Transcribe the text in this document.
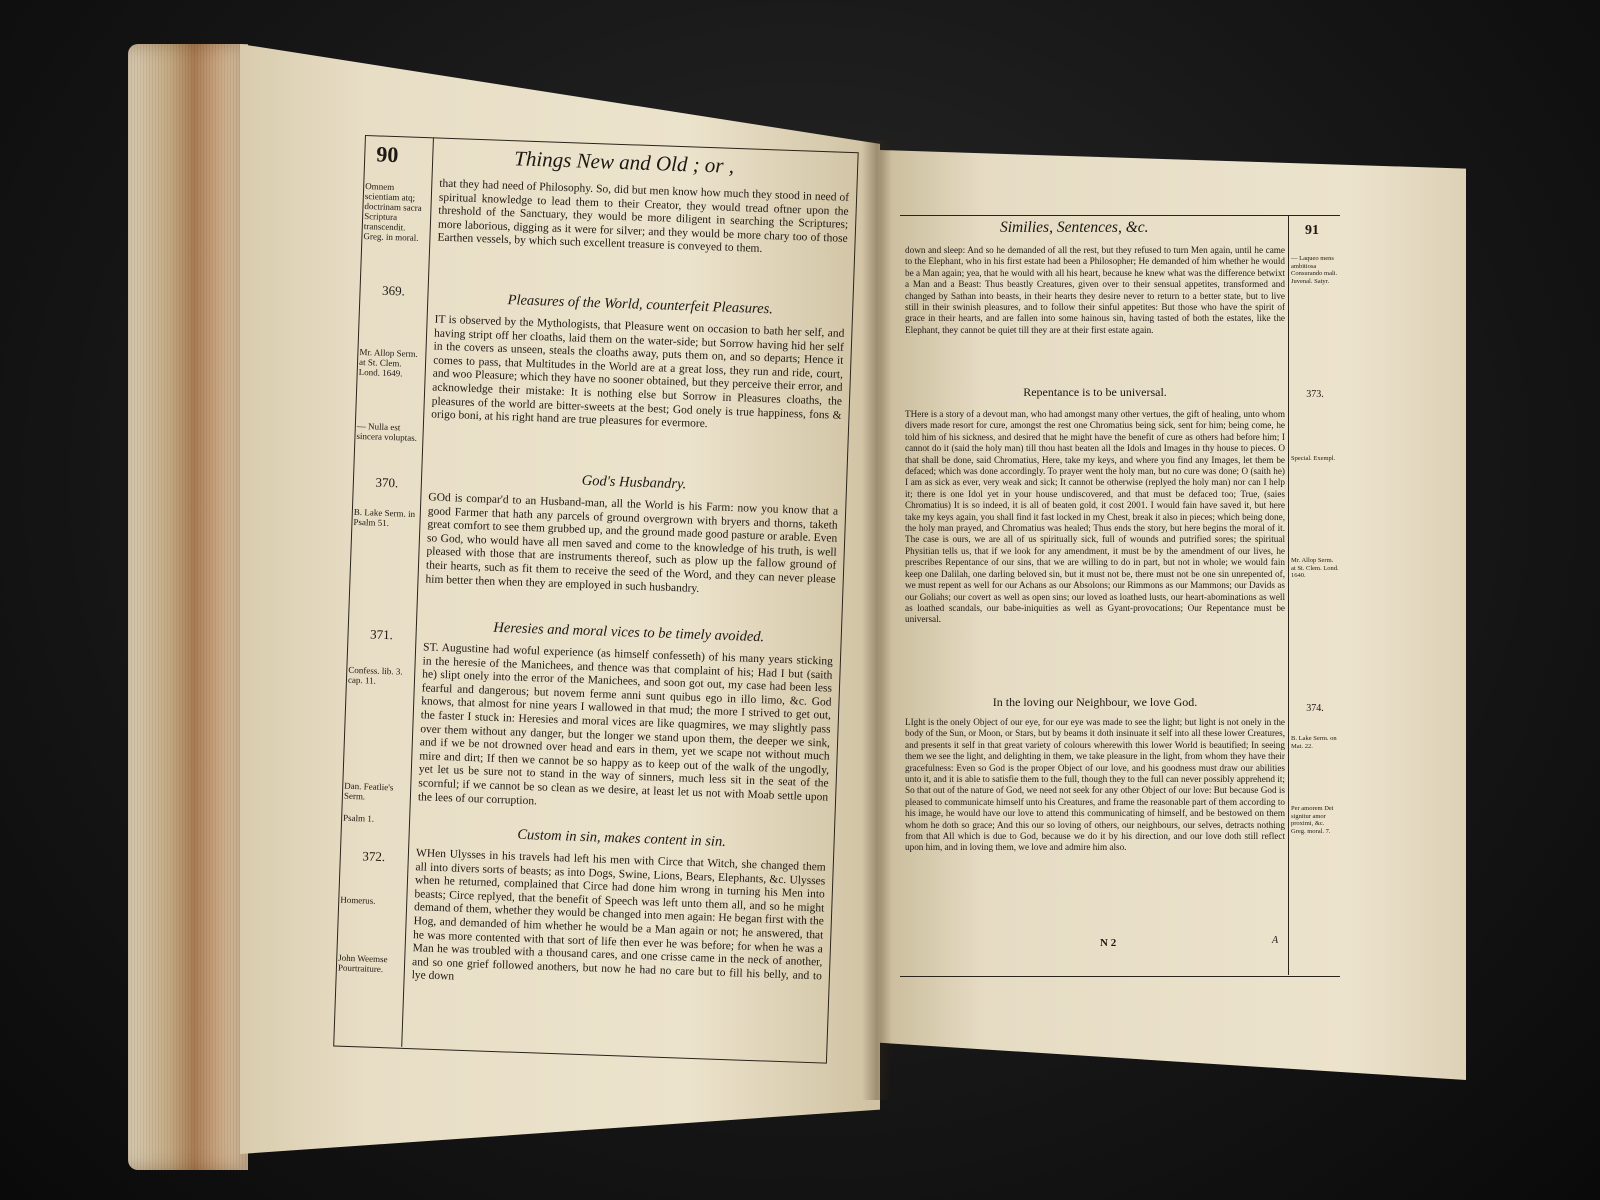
90	Things New and Old ; or ,
Omnem scientiam atq; doctrinam sacra Scriptura transcendit. Greg. in moral.
369.
Mr. Allop Serm. at St. Clem. Lond. 1649.
— Nulla est sincera voluptas.
370.
B. Lake Serm. in Psalm 51.
371.
Confess. lib. 3. cap. 11.
Dan. Featlie's Serm.
Psalm 1.
372.
Homerus.
John Weemse Pourtraiture.
that they had need of Philosophy. So, did but men know how much they stood in need of spiritual knowledge to lead them to their Creator, they would tread oftner upon the threshold of the Sanctuary, they would be more diligent in searching the Scriptures; more laborious, digging as it were for silver; and they would be more chary too of those Earthen vessels, by which such excellent treasure is conveyed to them.
Pleasures of the World, counterfeit Pleasures.
IT is observed by the Mythologists, that Pleasure went on occasion to bath her self, and having stript off her cloaths, laid them on the water-side; but Sorrow having hid her self in the covers as unseen, steals the cloaths away, puts them on, and so departs; Hence it comes to pass, that Multitudes in the World are at a great loss, they run and ride, court, and woo Pleasure; which they have no sooner obtained, but they perceive their error, and acknowledge their mistake: It is nothing else but Sorrow in Pleasures cloaths, the pleasures of the world are bitter-sweets at the best; God onely is true happiness, fons & origo boni, at his right hand are true pleasures for evermore.
God's Husbandry.
GOd is compar'd to an Husband-man, all the World is his Farm: now you know that a good Farmer that hath any parcels of ground overgrown with bryers and thorns, taketh great comfort to see them grubbed up, and the ground made good pasture or arable. Even so God, who would have all men saved and come to the knowledge of his truth, is well pleased with those that are instruments thereof, such as plow up the fallow ground of their hearts, such as fit them to receive the seed of the Word, and they can never please him better then when they are employed in such husbandry.
Heresies and moral vices to be timely avoided.
ST. Augustine had woful experience (as himself confesseth) of his many years sticking in the heresie of the Manichees, and thence was that complaint of his; Had I but (saith he) slipt onely into the error of the Manichees, and soon got out, my case had been less fearful and dangerous; but novem ferme anni sunt quibus ego in illo limo, &c. God knows, that almost for nine years I wallowed in that mud; the more I strived to get out, the faster I stuck in: Heresies and moral vices are like quagmires, we may slightly pass over them without any danger, but the longer we stand upon them, the deeper we sink, and if we be not drowned over head and ears in them, yet we scape not without much mire and dirt; If then we cannot be so happy as to keep out of the walk of the ungodly, yet let us be sure not to stand in the way of sinners, much less sit in the seat of the scornful; if we cannot be so clean as we desire, at least let us not with Moab settle upon the lees of our corruption.
Custom in sin, makes content in sin.
WHen Ulysses in his travels had left his men with Circe that Witch, she changed them all into divers sorts of beasts; as into Dogs, Swine, Lions, Bears, Elephants, &c. Ulysses when he returned, complained that Circe had done him wrong in turning his Men into beasts; Circe replyed, that the benefit of Speech was left unto them all, and so he might demand of them, whether they would be changed into men again: He began first with the Hog, and demanded of him whether he would be a Man again or not; he answered, that he was more contented with that sort of life then ever he was before; for when he was a Man he was troubled with a thousand cares, and one crisse came in the neck of another, and so one grief followed anothers, but now he had no care but to fill his belly, and to lye down
Similies, Sentences, &c.	91
down and sleep: And so he demanded of all the rest, but they refused to turn Men again, until he came to the Elephant, who in his first estate had been a Philosopher; He demanded of him whether he would be a Man again; yea, that he would with all his heart, because he knew what was the difference betwixt a Man and a Beast: Thus beastly Creatures, given over to their sensual appetites, transformed and changed by Sathan into beasts, in their hearts they desire never to return to a better state, but to live still in their swinish pleasures, and to follow their sinful appetites: But those who have the spirit of grace in their hearts, and are fallen into some hainous sin, having tasted of both the estates, like the Elephant, they cannot be quiet till they are at their first estate again.
Repentance is to be universal.
THere is a story of a devout man, who had amongst many other vertues, the gift of healing, unto whom divers made resort for cure, amongst the rest one Chromatius being sick, sent for him; being come, he told him of his sickness, and desired that he might have the benefit of cure as others had before him; I cannot do it (said the holy man) till thou hast beaten all the Idols and Images in thy house to pieces. O that shall be done, said Chromatius, Here, take my keys, and where you find any Images, let them be defaced; which was done accordingly. To prayer went the holy man, but no cure was done; O (saith he) I am as sick as ever, very weak and sick; It cannot be otherwise (replyed the holy man) nor can I help it; there is one Idol yet in your house undiscovered, and that must be defaced too; True, (saies Chromatius) It is so indeed, it is all of beaten gold, it cost 2001. I would fain have saved it, but here take my keys again, you shall find it fast locked in my Chest, break it also in pieces; which being done, the holy man prayed, and Chromatius was healed; Thus ends the story, but here begins the moral of it. The case is ours, we are all of us spiritually sick, full of wounds and putrified sores; the spiritual Physitian tells us, that if we look for any amendment, it must be by the amendment of our lives, he prescribes Repentance of our sins, that we are willing to do in part, but not in whole; we would fain keep one Dalilah, one darling beloved sin, but it must not be, there must not be one sin unrepented of, we must repent as well for our Achans as our Absolons; our Rimmons as our Mammons; our Davids as our Goliahs; our covert as well as open sins; our loved as loathed lusts, our heart-abominations as well as loathed scandals, our babe-iniquities as well as Gyant-provocations; Our Repentance must be universal.
In the loving our Neighbour, we love God.
LIght is the onely Object of our eye, for our eye was made to see the light; but light is not onely in the body of the Sun, or Moon, or Stars, but by beams it doth insinuate it self into all these lower Creatures, and presents it self in that great variety of colours wherewith this lower World is beautified; In seeing them we see the light, and delighting in them, we take pleasure in the light, from whom they have their gracefulness: Even so God is the proper Object of our love, and his goodness must draw our abilities unto it, and it is able to satisfie them to the full, though they to the full can never possibly apprehend it; So that out of the nature of God, we need not seek for any other Object of our love: But because God is pleased to communicate himself unto his Creatures, and frame the reasonable part of them according to his image, he would have our love to attend this communicating of himself, and be bestowed on them whom he doth so grace; And this our so loving of others, our neighbours, our selves, detracts nothing from that All which is due to God, because we do it by his direction, and our love doth still reflect upon him, and in loving them, we love and admire him also.
— Laqueo mens ambitiosa Consurando mali. Juvenal. Satyr.
373.
Special. Exempl.
Mr. Allop Serm. at St. Clem. Lond. 1640.
374.
B. Lake Serm. on Mat. 22.
Per amorem Dei signitur amor proximi, &c. Greg. moral. 7.
N 2	A
